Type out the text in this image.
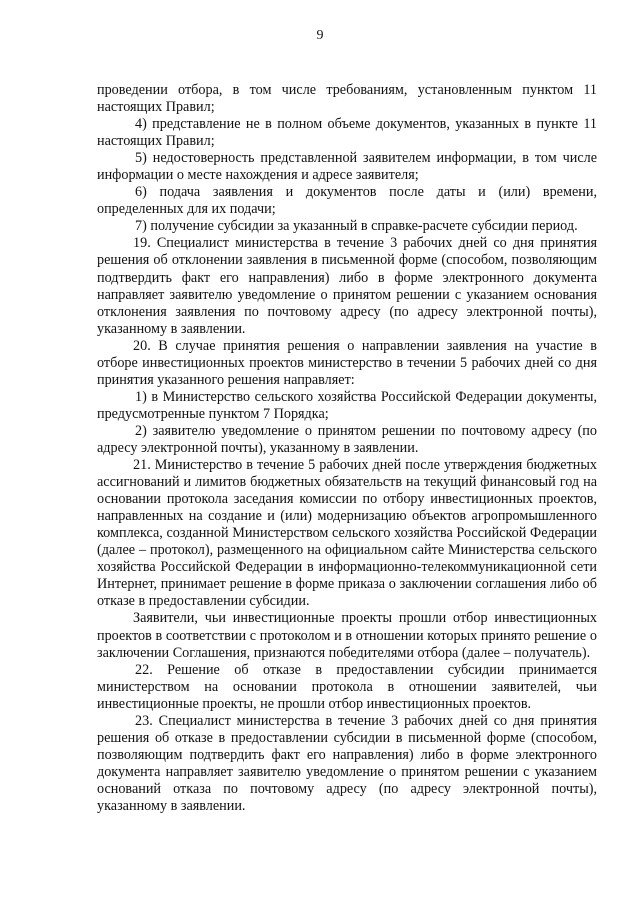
9

проведении отбора, в том числе требованиям, установленным пунктом 11 настоящих Правил;

4) представление не в полном объеме документов, указанных в пункте 11 настоящих Правил;

5) недостоверность представленной заявителем информации, в том числе информации о месте нахождения и адресе заявителя;

6) подача заявления и документов после даты и (или) времени, определенных для их подачи;

7) получение субсидии за указанный в справке-расчете субсидии период.

19. Специалист министерства в течение 3 рабочих дней со дня принятия решения об отклонении заявления в письменной форме (способом, позволяющим подтвердить факт его направления) либо в форме электронного документа направляет заявителю уведомление о принятом решении с указанием основания отклонения заявления по почтовому адресу (по адресу электронной почты), указанному в заявлении.

20. В случае принятия решения о направлении заявления на участие в отборе инвестиционных проектов министерство в течении 5 рабочих дней со дня принятия указанного решения направляет:

1) в Министерство сельского хозяйства Российской Федерации документы, предусмотренные пунктом 7 Порядка;

2) заявителю уведомление о принятом решении по почтовому адресу (по адресу электронной почты), указанному в заявлении.

21. Министерство в течение 5 рабочих дней после утверждения бюджетных ассигнований и лимитов бюджетных обязательств на текущий финансовый год на основании протокола заседания комиссии по отбору инвестиционных проектов, направленных на создание и (или) модернизацию объектов агропромышленного комплекса, созданной Министерством сельского хозяйства Российской Федерации (далее – протокол), размещенного на официальном сайте Министерства сельского хозяйства Российской Федерации в информационно-телекоммуникационной сети Интернет, принимает решение в форме приказа о заключении соглашения либо об отказе в предоставлении субсидии.

Заявители, чьи инвестиционные проекты прошли отбор инвестиционных проектов в соответствии с протоколом и в отношении которых принято решение о заключении Соглашения, признаются победителями отбора (далее – получатель).

22. Решение об отказе в предоставлении субсидии принимается министерством на основании протокола в отношении заявителей, чьи инвестиционные проекты, не прошли отбор инвестиционных проектов.

23. Специалист министерства в течение 3 рабочих дней со дня принятия решения об отказе в предоставлении субсидии в письменной форме (способом, позволяющим подтвердить факт его направления) либо в форме электронного документа направляет заявителю уведомление о принятом решении с указанием оснований отказа по почтовому адресу (по адресу электронной почты), указанному в заявлении.
